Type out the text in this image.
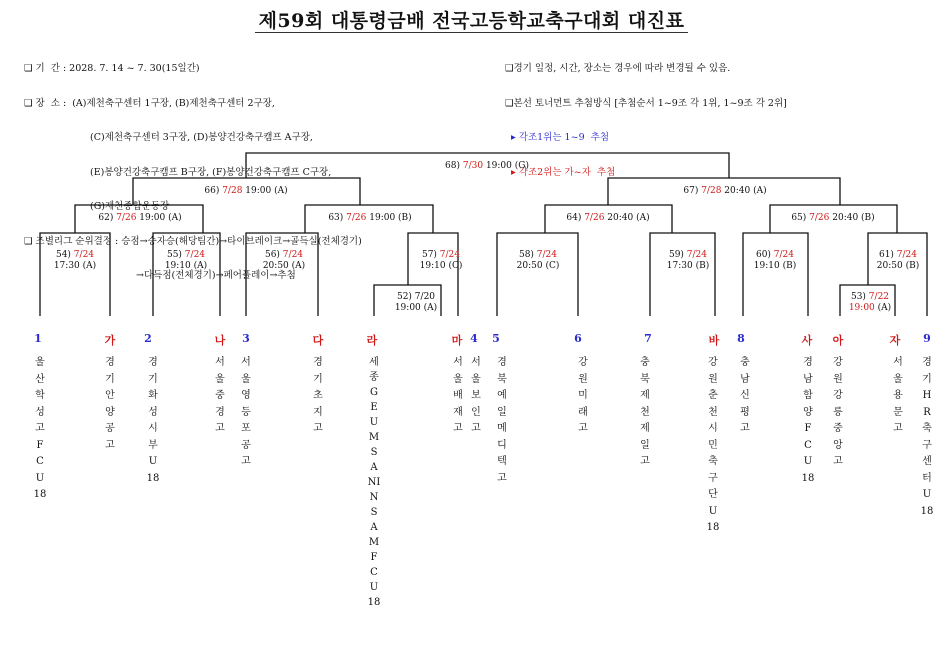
제59회 대통령금배 전국고등학교축구대회 대진표

❑ 기  간 : 2028. 7. 14 ~ 7. 30(15일간)

❑ 장  소 :  (A)제천축구센터 1구장, (B)제천축구센터 2구장,

(C)제천축구센터 3구장, (D)봉양건강축구캠프 A구장,

(E)봉양건강축구캠프 B구장, (F)봉양건강축구캠프 C구장,

(G)제천종합운동장

❑ 조별리그 순위결정 : 승점→승자승(해당팀간)→타이브레이크→골득실(전체경기)

→다득점(전체경기)→페어플레이→추첨

❑경기 일정, 시간, 장소는 경우에 따라 변경될 수 있음.

❑본선 토너먼트 추첨방식 [추첨순서 1~9조 각 1위, 1~9조 각 2위]

▸ 각조1위는 1~9  추첨

▸ 각조2위는 가~자  추첨

68) 7/30 19:00 (G)
66) 7/28 19:00 (A)	67) 7/28 20:40 (A)
62) 7/26 19:00 (A)	63) 7/26 19:00 (B)	64) 7/26 20:40 (A)	65) 7/26 20:40 (B)
54) 7/24
17:30 (A)
55) 7/24
19:10 (A)
56) 7/24
20:50 (A)
57) 7/24
19:10 (C)
52) 7/20
19:00 (A)
58) 7/24
20:50 (C)
59) 7/24
17:30 (B)
60) 7/24
19:10 (B)
61) 7/24
20:50 (B)
53) 7/22
19:00 (A)
1	가	2	나 3	다	라	마 4 5	6	7	바 8	사 아	자 9
울산학성고FCU18
경기안양공고
경기화성시부U18
서울중경고
서울영등포공고
경기초지고
세종GEUMSANINSAMFCU18
서울배재고
서울보인고
경북예일메디텍고
강원미래고
충북제천제일고
강원춘천시민축구단U18
충남신평고
경남함양FCU18
강원강릉중앙고
서울용문고
경기HR축구센터U18
